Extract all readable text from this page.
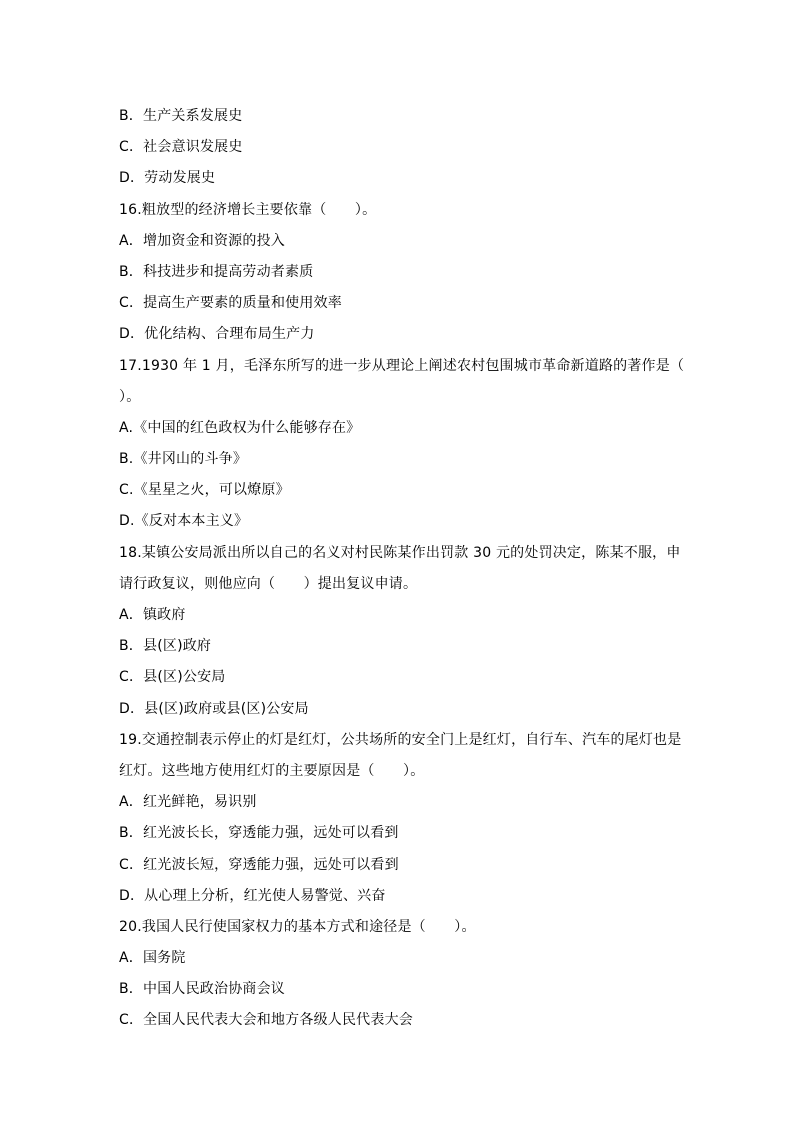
B．生产关系发展史
C．社会意识发展史
D．劳动发展史
16.粗放型的经济增长主要依靠（　　）。
A．增加资金和资源的投入
B．科技进步和提高劳动者素质
C．提高生产要素的质量和使用效率
D．优化结构、合理布局生产力
17.1930 年 1 月，毛泽东所写的进一步从理论上阐述农村包围城市革命新道路的著作是（
）。
A.《中国的红色政权为什么能够存在》
B.《井冈山的斗争》
C.《星星之火，可以燎原》
D.《反对本本主义》
18.某镇公安局派出所以自己的名义对村民陈某作出罚款 30 元的处罚决定，陈某不服，申
请行政复议，则他应向（　　）提出复议申请。
A．镇政府
B．县(区)政府
C．县(区)公安局
D．县(区)政府或县(区)公安局
19.交通控制表示停止的灯是红灯，公共场所的安全门上是红灯，自行车、汽车的尾灯也是
红灯。这些地方使用红灯的主要原因是（　　）。
A．红光鲜艳，易识别
B．红光波长长，穿透能力强，远处可以看到
C．红光波长短，穿透能力强，远处可以看到
D．从心理上分析，红光使人易警觉、兴奋
20.我国人民行使国家权力的基本方式和途径是（　　）。
A．国务院
B．中国人民政治协商会议
C．全国人民代表大会和地方各级人民代表大会
